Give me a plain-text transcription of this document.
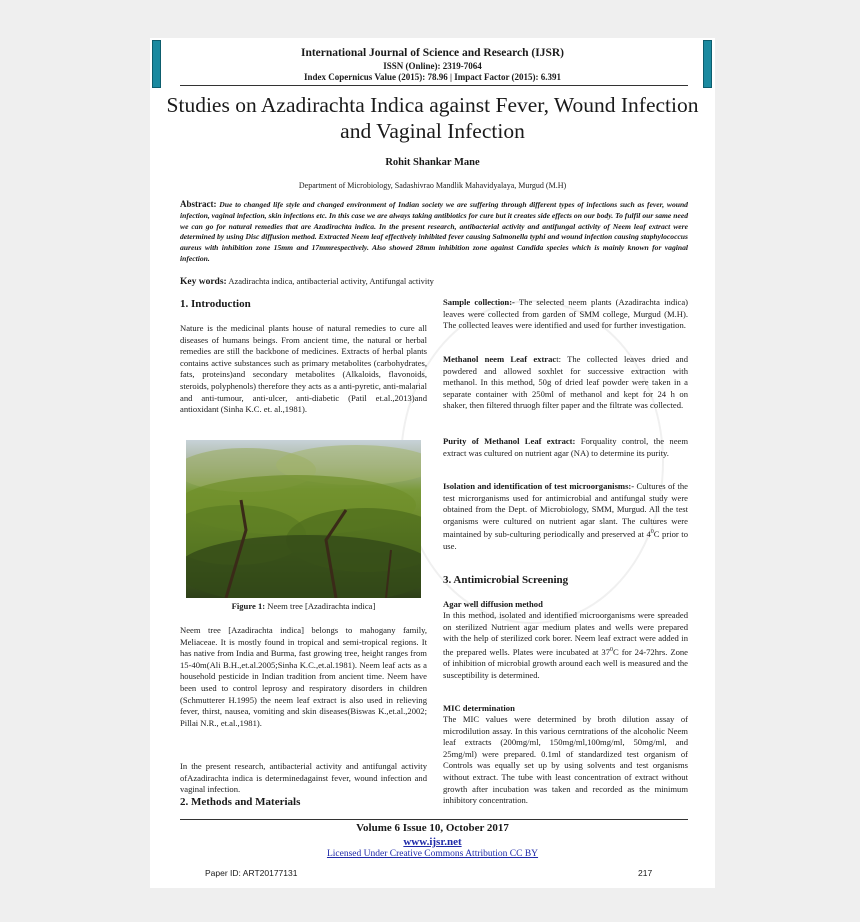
International Journal of Science and Research (IJSR)
ISSN (Online): 2319-7064
Index Copernicus Value (2015): 78.96 | Impact Factor (2015): 6.391
Studies on Azadirachta Indica against Fever, Wound Infection and Vaginal Infection
Rohit Shankar Mane
Department of Microbiology, Sadashivrao Mandlik Mahavidyalaya, Murgud (M.H)
Abstract: Due to changed life style and changed environment of Indian society we are suffering through different types of infections such as fever, wound infection, vaginal infection, skin infections etc. In this case we are always taking antibiotics for cure but it creates side effects on our body. To fulfil our same need we can go for natural remedies that are Azadirachta indica. In the present research, antibacterial activity and antifungal activity of Neem leaf extract were determined by using Disc diffusion method. Extracted Neem leaf effectively inhibited fever causing Salmonella typhi and wound infection causing staphylococcus aureus with inhibition zone 15mm and 17mmrespectively. Also showed 28mm inhibition zone against Candida species which is mainly known for vaginal infection.
Key words: Azadirachta indica, antibacterial activity, Antifungal activity
1. Introduction
Nature is the medicinal plants house of natural remedies to cure all diseases of humans beings. From ancient time, the natural or herbal remedies are still the backbone of medicines. Extracts of herbal plants contains active substances such as primary metabolites (carbohydrates, fats, proteins)and secondary metabolites (Alkaloids, flavonoids, steroids, polyphenols) therefore they acts as a anti-pyretic, anti-malarial and anti-tumour, anti-ulcer, anti-diabetic (Patil et.al.,2013)and antioxidant (Sinha K.C. et. al.,1981).
Figure 1: Neem tree [Azadirachta indica]
Neem tree [Azadirachta indica] belongs to mahogany family, Meliaceae. It is mostly found in tropical and semi-tropical regions. It has native from India and Burma, fast growing tree, height ranges from 15-40m(Ali B.H.,et.al.2005;Sinha K.C.,et.al.1981). Neem leaf acts as a household pesticide in Indian tradition from ancient time. Neem have been used to control leprosy and respiratory disorders in children (Schmutterer H.1995) the neem leaf extract is also used in relieving fever, thirst, nausea, vomiting and skin diseases(Biswas K.,et.al.,2002; Pillai N.R., et.al.,1981).
In the present research, antibacterial activity and antifungal activity ofAzadirachta indica is determinedagainst fever, wound infection and vaginal infection.
2. Methods and Materials
Sample collection:- The selected neem plants (Azadirachta indica) leaves were collected from garden of SMM college, Murgud (M.H). The collected leaves were identified and used for further investigation.
Methanol neem Leaf extract: The collected leaves dried and powdered and allowed soxhlet for successive extraction with methanol. In this method, 50g of dried leaf powder were taken in a separate container with 250ml of methanol and kept for 24 h on shaker, then filtered thruogh filter paper and the filtrate was collected.
Purity of Methanol Leaf extract: Forquality control, the neem extract was cultured on nutrient agar (NA) to determine its purity.
Isolation and identification of test microorganisms:- Cultures of the test microrganisms used for antimicrobial and antifungal study were obtained from the Dept. of Microbiology, SMM, Murgud. All the test organisms were cultured on nutrient agar slant. The cultures were maintained by sub-culturing periodically and preserved at $4^0C$ prior to use.
3. Antimicrobial Screening
Agar well diffusion method
In this method, isolated and identified microorganisms were spreaded on sterilized Nutrient agar medium plates and wells were prepared with the help of sterilized cork borer. Neem leaf extract were added in the prepared wells. Plates were incubated at $37^0C$ for 24-72hrs. Zone of inhibition of microbial growth around each well is measured and the susceptibility is determined.
MIC determination
The MIC values were determined by broth dilution assay of microdilution assay. In this various cerntrations of the alcoholic Neem leaf extracts (200mg/ml, 150mg/ml,100mg/ml, 50mg/ml, and 25mg/ml) were prepared. 0.1ml of standardized test organism of Controls was equally set up by using solvents and test organisms without extract. The tube with least concentration of extract without growth after incubation was taken and recorded as the minimum inhibitory concentration.
Volume 6 Issue 10, October 2017
www.ijsr.net
Licensed Under Creative Commons Attribution CC BY
Paper ID: ART20177131	217
